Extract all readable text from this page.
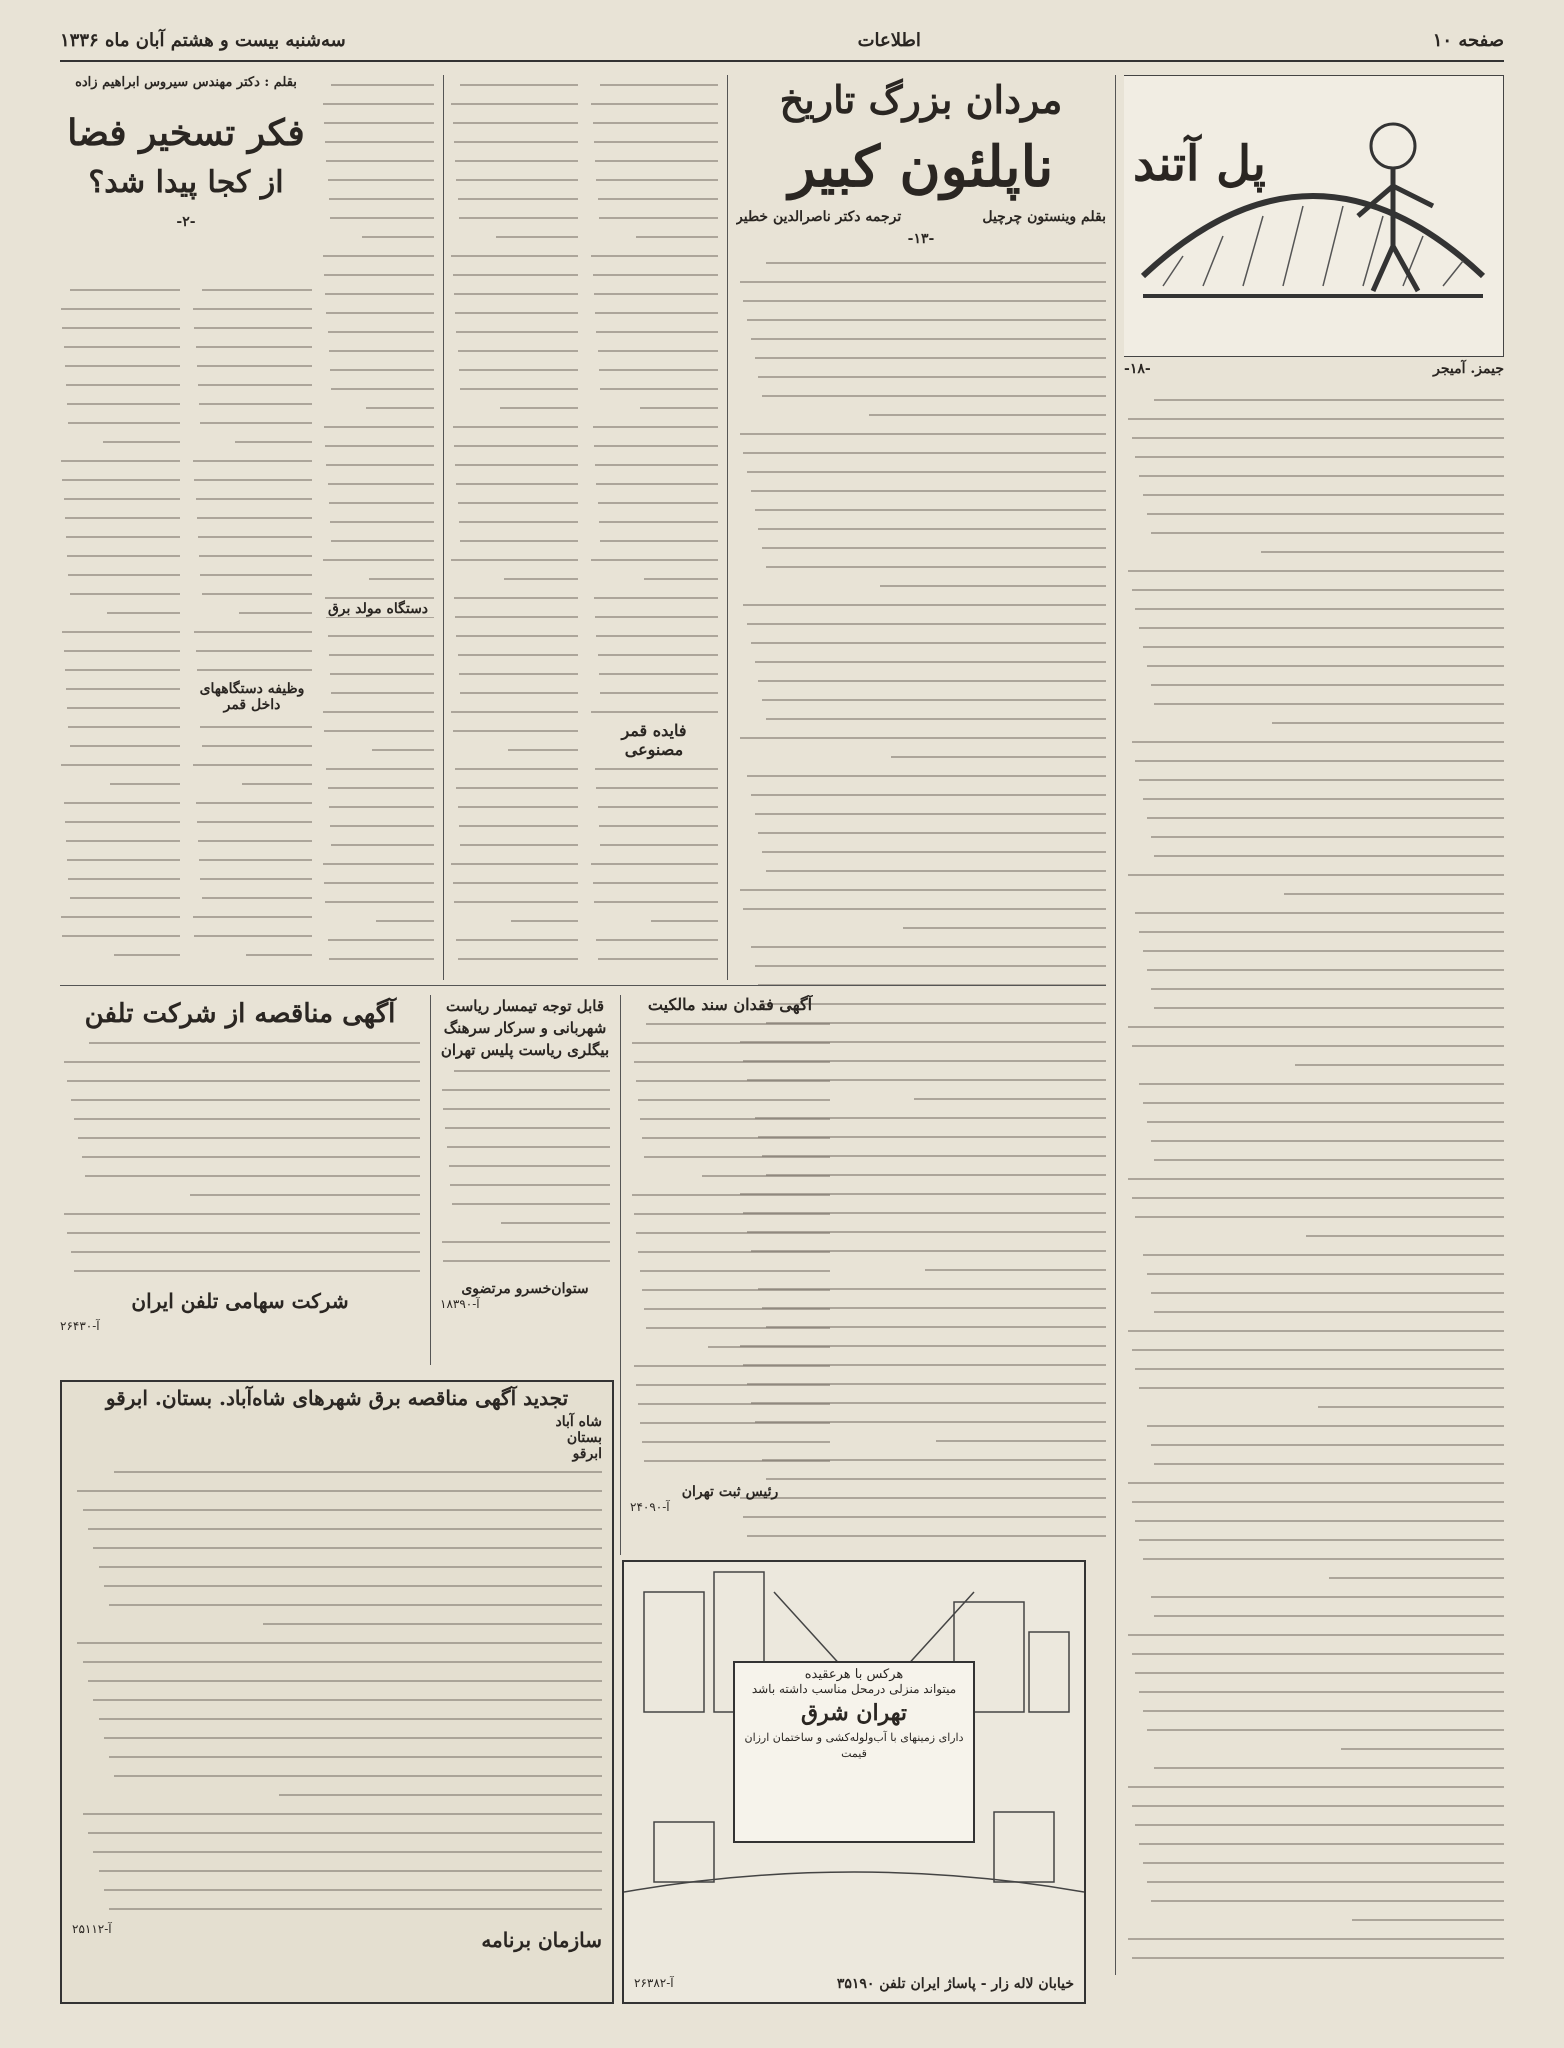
صفحه ۱۰
اطلاعات
سه‌شنبه بیست و هشتم آبان ماه ۱۳۳۶
پل آتند
جیمز. آمیجر
-۱۸-
مردان بزرگ تاریخ
ناپلئون کبیر
بقلم وینستون چرچیل
ترجمه دکتر ناصرالدین خطیر
-۱۳-
فایده قمر مصنوعی
بقلم : دکتر مهندس سیروس ابراهیم زاده
فکر تسخیر فضا
از کجا پیدا شد؟
-۲-
وظیفه دستگاههای داخل قمر
دستگاه مولد برق
آگهی مناقصه از شرکت تلفن
شرکت سهامی تلفن ایران
آ-۲۶۴۳۰
قابل توجه تیمسار ریاست شهربانی و سرکار سرهنگ بیگلری ریاست پلیس تهران
ستوان‌خسرو مرتضوی
آ-۱۸۳۹۰
آگهی فقدان سند مالکیت
رئیس ثبت تهران
آ-۲۴۰۹۰
تجدید آگهی مناقصه برق شهرهای شاه‌آباد. بستان. ابرقو
شاه آباد
بستان
ابرقو
سازمان برنامه
آ-۲۵۱۱۲
هرکس با هرعقیده
میتواند منزلی درمحل مناسب داشته باشد
تهران شرق
دارای زمینهای با آب‌ولوله‌کشی و ساختمان ارزان قیمت
خیابان لاله زار - پاساژ ایران تلفن ۳۵۱۹۰
آ-۲۶۳۸۲
